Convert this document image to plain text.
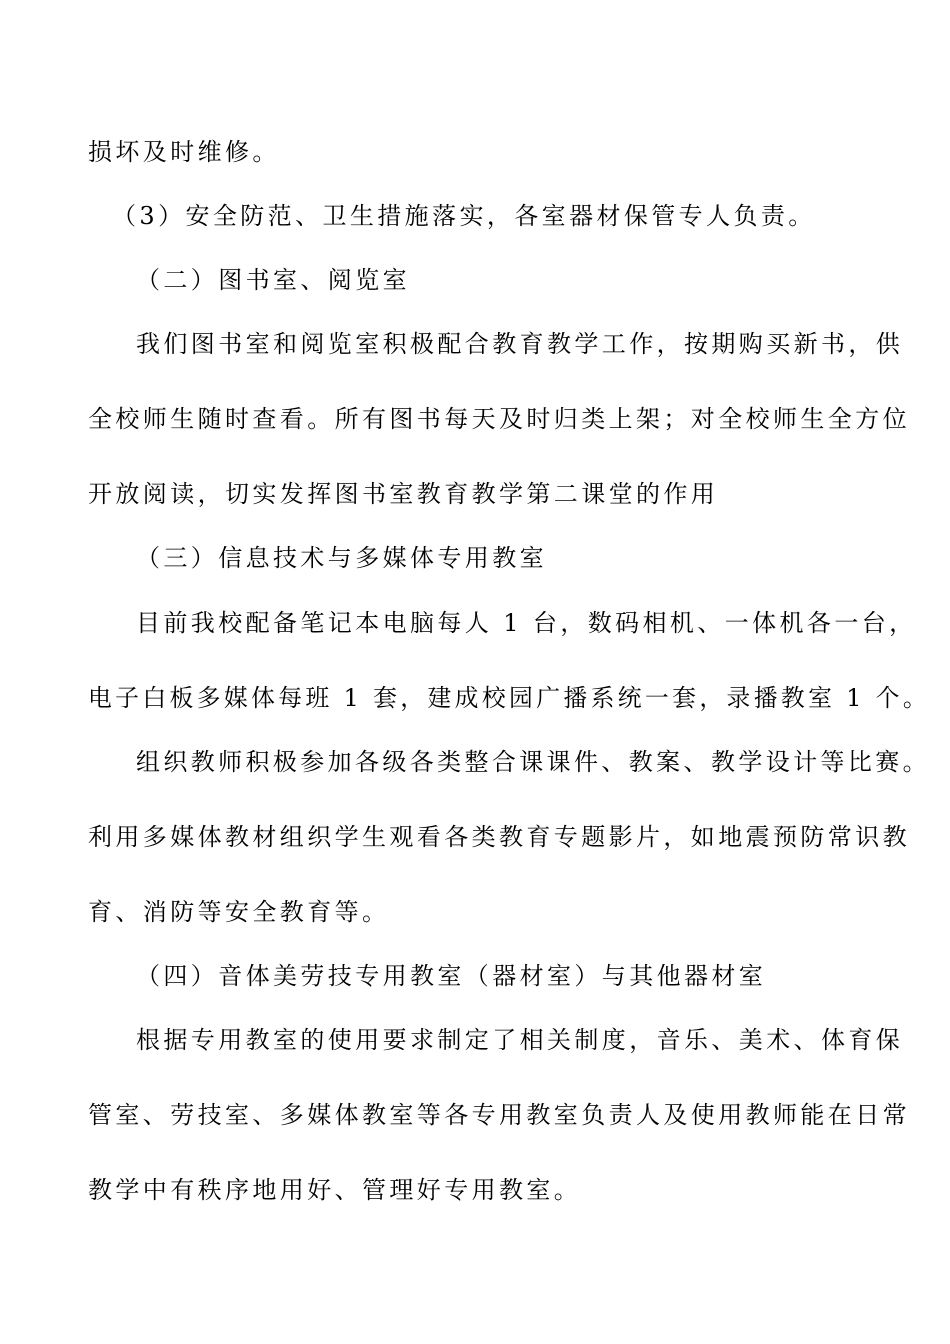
损坏及时维修。
（3）安全防范、卫生措施落实，各室器材保管专人负责。
（二）图书室、阅览室
我们图书室和阅览室积极配合教育教学工作，按期购买新书，供
全校师生随时查看。所有图书每天及时归类上架；对全校师生全方位
开放阅读，切实发挥图书室教育教学第二课堂的作用
（三）信息技术与多媒体专用教室
目前我校配备笔记本电脑每人 1 台，数码相机、一体机各一台，
电子白板多媒体每班 1 套，建成校园广播系统一套，录播教室 1 个。
组织教师积极参加各级各类整合课课件、教案、教学设计等比赛。
利用多媒体教材组织学生观看各类教育专题影片，如地震预防常识教
育、消防等安全教育等。
（四）音体美劳技专用教室（器材室）与其他器材室
根据专用教室的使用要求制定了相关制度，音乐、美术、体育保
管室、劳技室、多媒体教室等各专用教室负责人及使用教师能在日常
教学中有秩序地用好、管理好专用教室。
